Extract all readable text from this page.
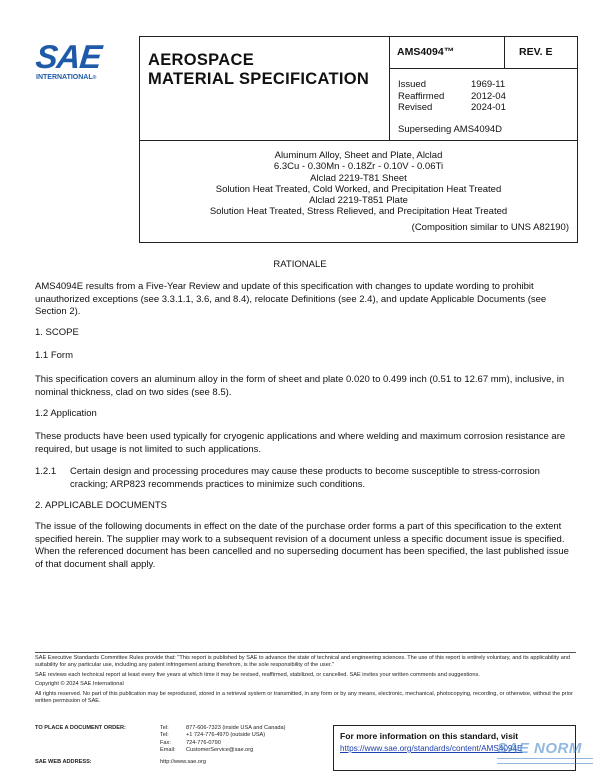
SAE
INTERNATIONAL®
AEROSPACE
MATERIAL SPECIFICATION
AMS4094™	REV. E
Issued	1969-11
Reaffirmed	2012-04
Revised	2024-01
Superseding AMS4094D
Aluminum Alloy, Sheet and Plate, Alclad
6.3Cu - 0.30Mn - 0.18Zr - 0.10V - 0.06Ti
Alclad 2219-T81 Sheet
Solution Heat Treated, Cold Worked, and Precipitation Heat Treated
Alclad 2219-T851 Plate
Solution Heat Treated, Stress Relieved, and Precipitation Heat Treated
(Composition similar to UNS A82190)
RATIONALE
AMS4094E results from a Five-Year Review and update of this specification with changes to update wording to prohibit unauthorized exceptions (see 3.3.1.1, 3.6, and 8.4), relocate Definitions (see 2.4), and update Applicable Documents (see Section 2).
1. SCOPE
1.1 Form
This specification covers an aluminum alloy in the form of sheet and plate 0.020 to 0.499 inch (0.51 to 12.67 mm), inclusive, in nominal thickness, clad on two sides (see 8.5).
1.2 Application
These products have been used typically for cryogenic applications and where welding and maximum corrosion resistance are required, but usage is not limited to such applications.
1.2.1 Certain design and processing procedures may cause these products to become susceptible to stress-corrosion cracking; ARP823 recommends practices to minimize such conditions.
2. APPLICABLE DOCUMENTS
The issue of the following documents in effect on the date of the purchase order forms a part of this specification to the extent specified herein. The supplier may work to a subsequent revision of a document unless a specific document issue is specified. When the referenced document has been cancelled and no superseding document has been specified, the last published issue of that document shall apply.
SAE Executive Standards Committee Rules provide that: "This report is published by SAE to advance the state of technical and engineering sciences. The use of this report is entirely voluntary, and its applicability and suitability for any particular use, including any patent infringement arising therefrom, is the sole responsibility of the user."
SAE reviews each technical report at least every five years at which time it may be revised, reaffirmed, stabilized, or cancelled. SAE invites your written comments and suggestions.
Copyright © 2024 SAE International
All rights reserved. No part of this publication may be reproduced, stored in a retrieval system or transmitted, in any form or by any means, electronic, mechanical, photocopying, recording, or otherwise, without the prior written permission of SAE.
TO PLACE A DOCUMENT ORDER:	Tel:	877-606-7323 (inside USA and Canada)
Tel:	+1 724-776-4970 (outside USA)
Fax:	724-776-0790
Email: CustomerService@sae.org
SAE WEB ADDRESS:	http://www.sae.org
For more information on this standard, visit
https://www.sae.org/standards/content/AMS4094E
SAE NORM
